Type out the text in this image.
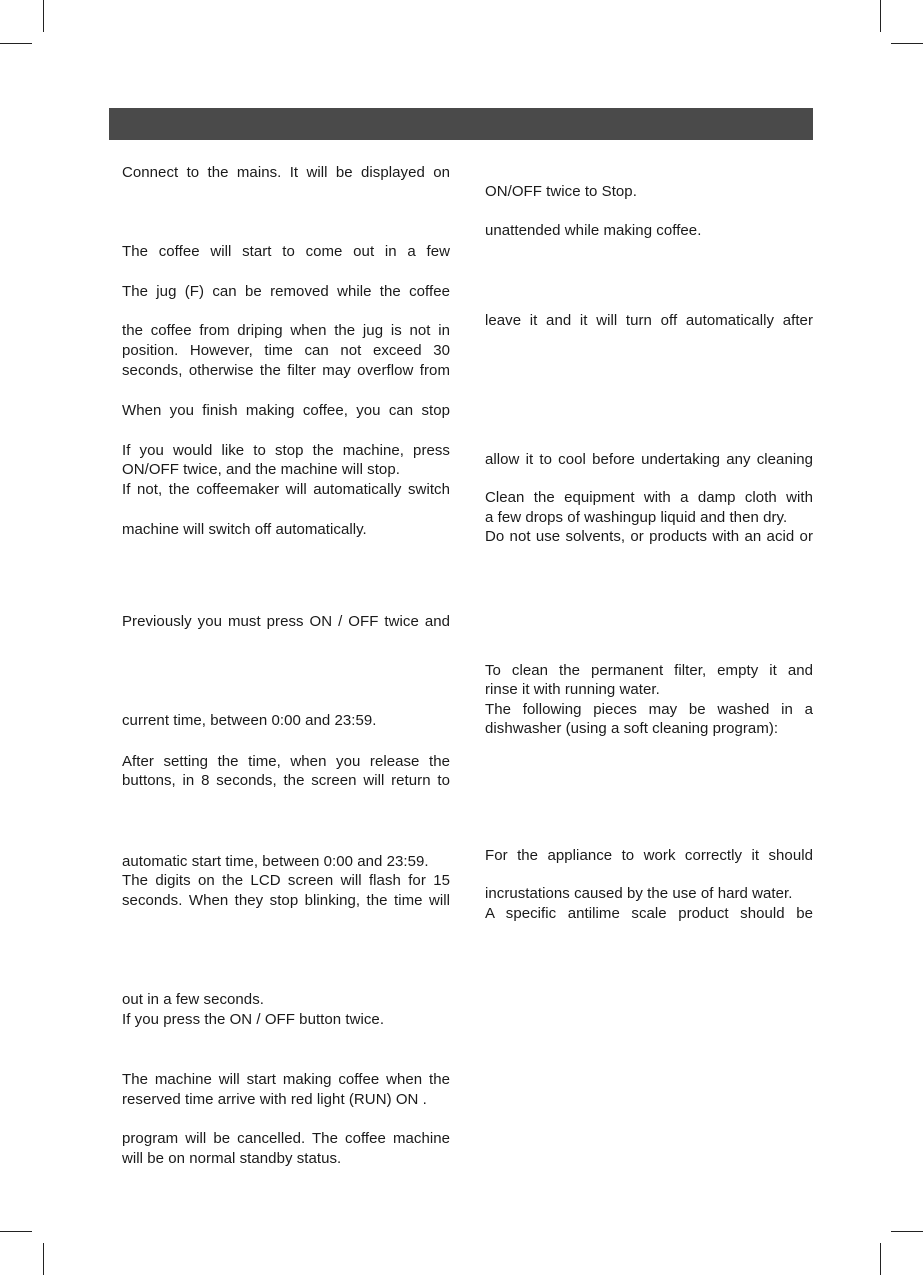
Connect to the mains. It will be displayed on
The coffee will start to come out in a few
The jug (F) can be removed while the coffee
the coffee from driping when the jug is not in
position. However, time can not exceed 30
seconds, otherwise the filter may overflow from
When you finish making coffee, you can stop
If you would like to stop the machine, press
ON/OFF twice, and the machine will stop.
If not, the coffeemaker will automatically switch
machine will switch off automatically.
Previously you must press ON / OFF twice and
current time, between 0:00 and 23:59.
After setting the time, when you release the
buttons, in 8 seconds, the screen will return to
automatic start time, between 0:00 and 23:59.
The digits on the LCD screen will flash for 15
seconds. When they stop blinking, the time will
out in a few seconds.
If you press the ON / OFF button twice.
The machine will start making coffee when the
reserved time arrive with red light (RUN) ON .
program will be cancelled. The coffee machine
will be on normal standby status.
ON/OFF twice to Stop.
unattended while making coffee.
leave it and it will turn off automatically after
allow it to cool before undertaking any cleaning
Clean the equipment with a damp cloth with
a few drops of washingup liquid and then dry.
Do not use solvents, or products with an acid or
To clean the permanent filter, empty it and
rinse it with running water.
The following pieces may be washed in a
dishwasher (using a soft cleaning program):
For the appliance to work correctly it should
incrustations caused by the use of hard water.
A specific antilime scale product should be
